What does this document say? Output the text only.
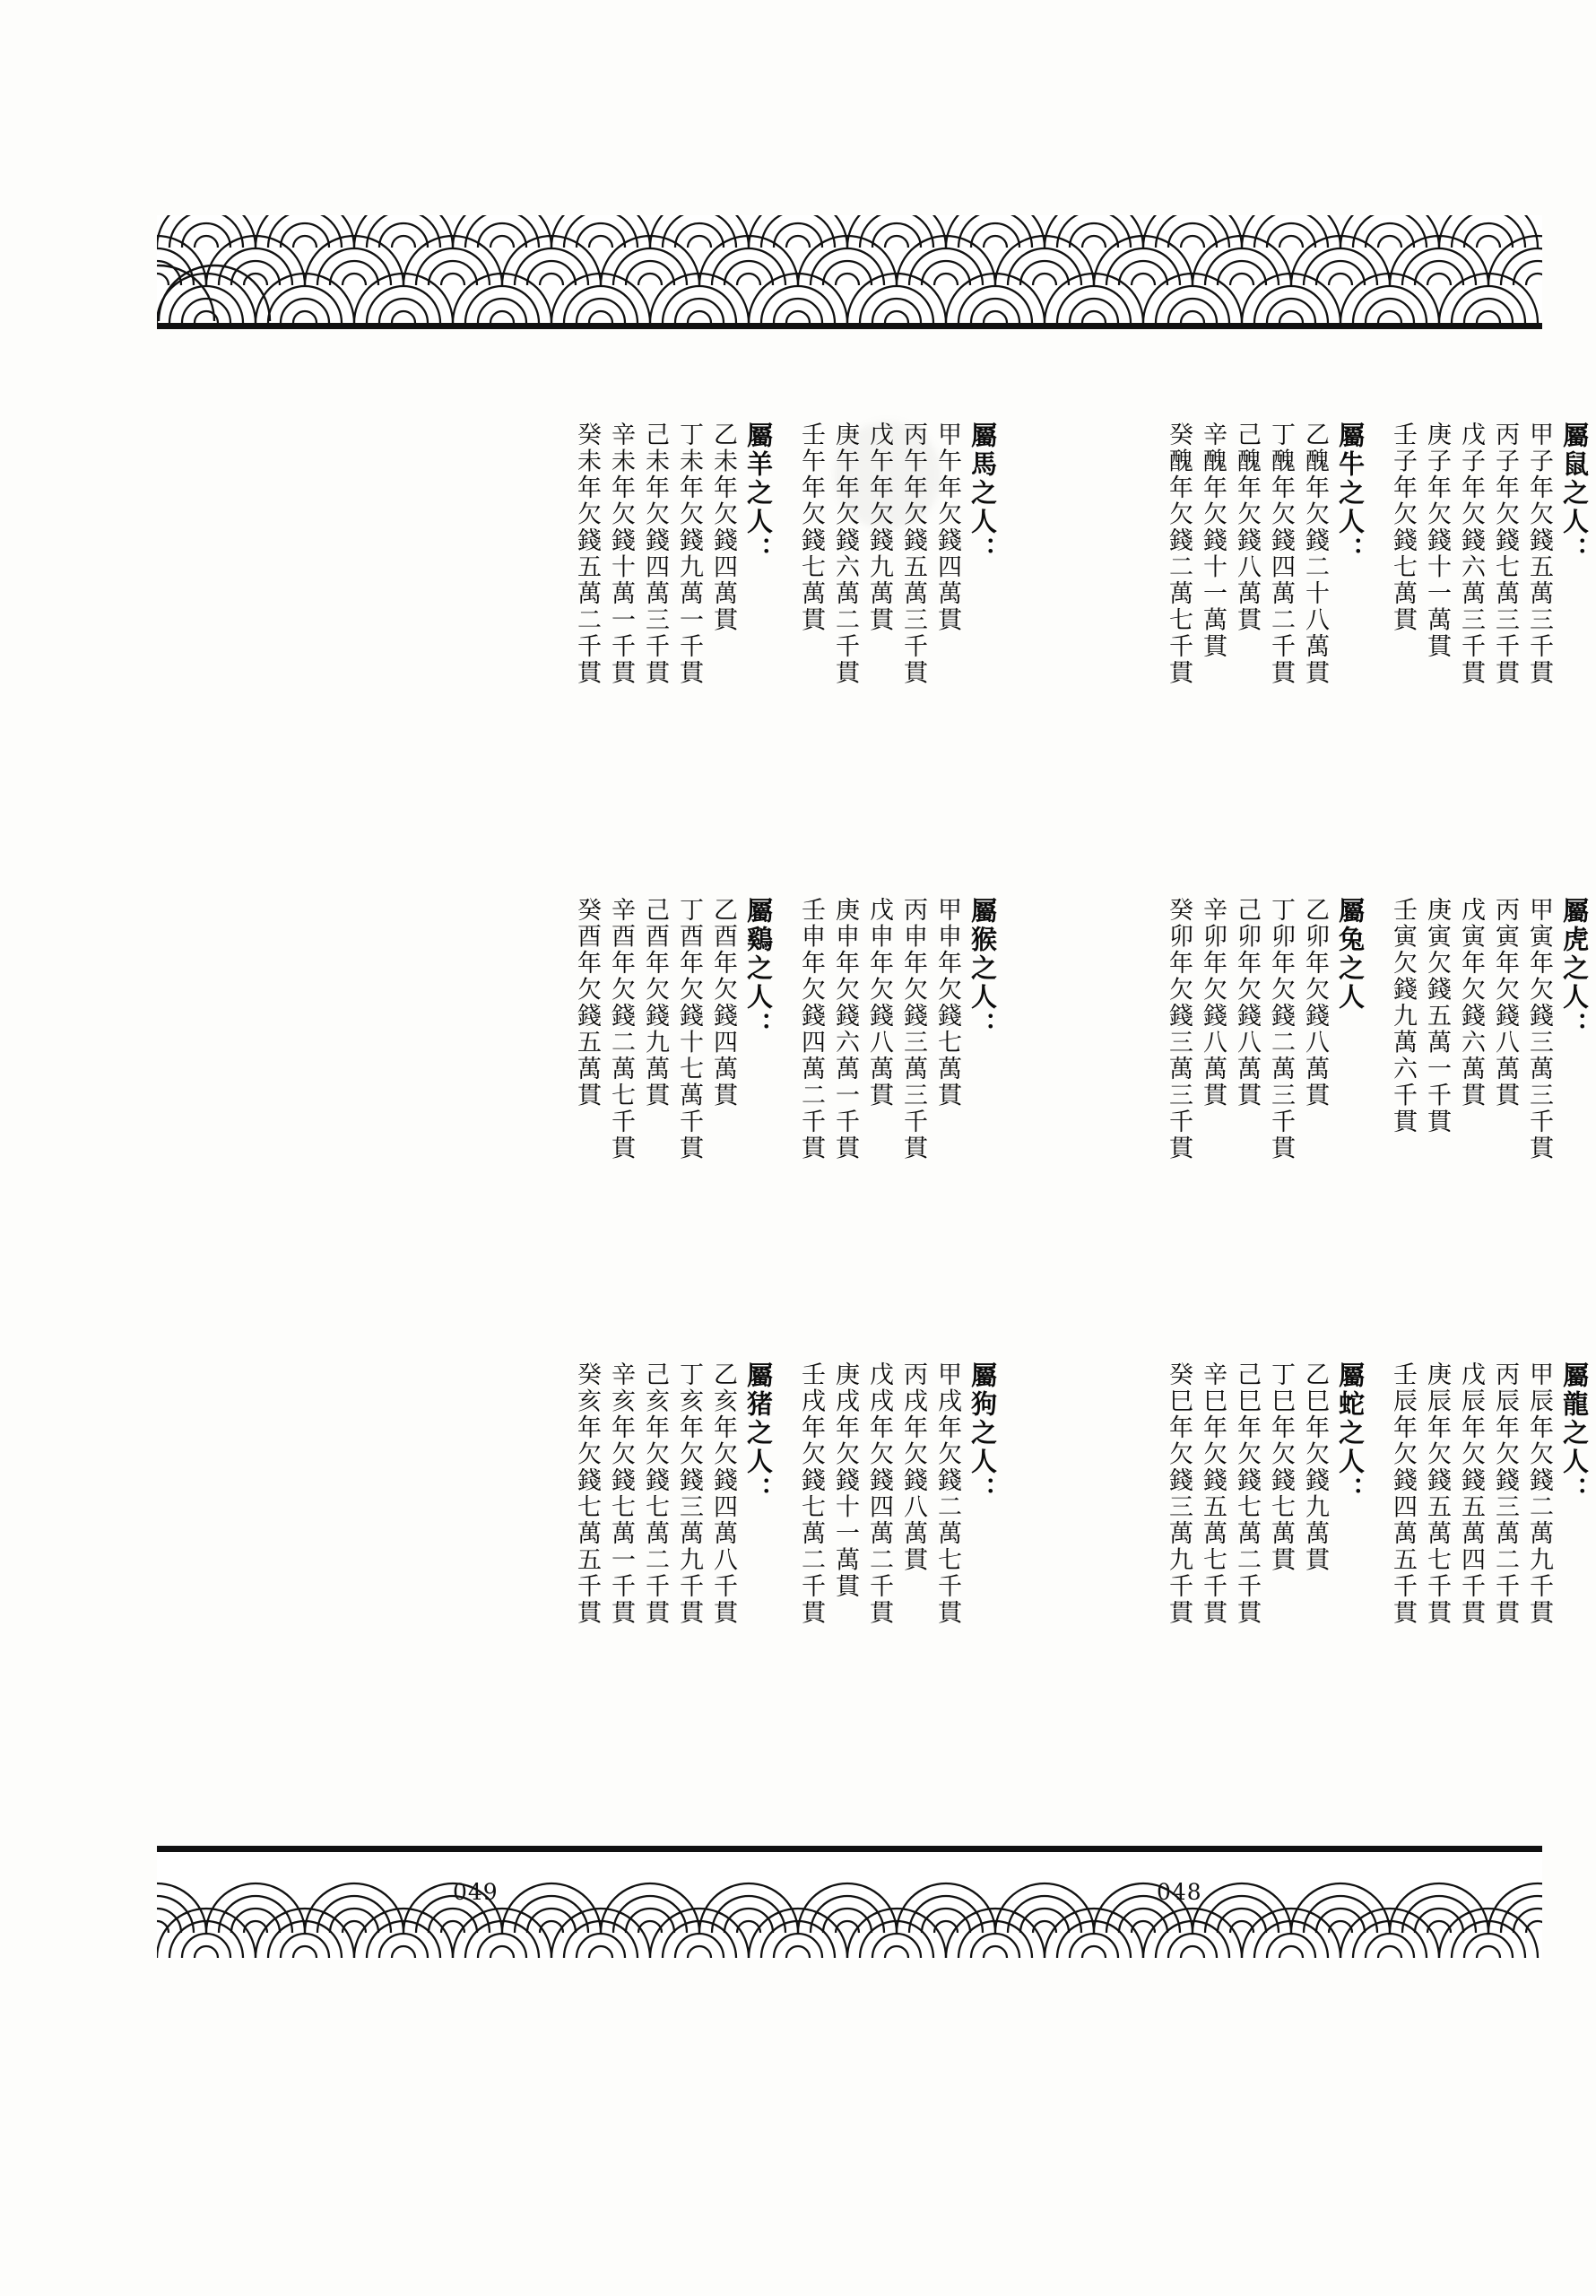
屬鼠之人：
甲子年欠錢五萬三千貫
丙子年欠錢七萬三千貫
戊子年欠錢六萬三千貫
庚子年欠錢十一萬貫
壬子年欠錢七萬貫
屬牛之人：
乙醜年欠錢二十八萬貫
丁醜年欠錢四萬二千貫
己醜年欠錢八萬貫
辛醜年欠錢十一萬貫
癸醜年欠錢二萬七千貫
屬馬之人：
甲午年欠錢四萬貫
丙午年欠錢五萬三千貫
戊午年欠錢九萬貫
庚午年欠錢六萬二千貫
壬午年欠錢七萬貫
屬羊之人：
乙未年欠錢四萬貫
丁未年欠錢九萬一千貫
己未年欠錢四萬三千貫
辛未年欠錢十萬一千貫
癸未年欠錢五萬二千貫
屬虎之人：
甲寅年欠錢三萬三千貫
丙寅年欠錢八萬貫
戊寅年欠錢六萬貫
庚寅欠錢五萬一千貫
壬寅欠錢九萬六千貫
屬兔之人
乙卯年欠錢八萬貫
丁卯年欠錢二萬三千貫
己卯年欠錢八萬貫
辛卯年欠錢八萬貫
癸卯年欠錢三萬三千貫
屬猴之人：
甲申年欠錢七萬貫
丙申年欠錢三萬三千貫
戊申年欠錢八萬貫
庚申年欠錢六萬一千貫
壬申年欠錢四萬二千貫
屬鷄之人：
乙酉年欠錢四萬貫
丁酉年欠錢十七萬千貫
己酉年欠錢九萬貫
辛酉年欠錢二萬七千貫
癸酉年欠錢五萬貫
屬龍之人：
甲辰年欠錢二萬九千貫
丙辰年欠錢三萬二千貫
戊辰年欠錢五萬四千貫
庚辰年欠錢五萬七千貫
壬辰年欠錢四萬五千貫
屬蛇之人：
乙巳年欠錢九萬貫
丁巳年欠錢七萬貫
己巳年欠錢七萬二千貫
辛巳年欠錢五萬七千貫
癸巳年欠錢三萬九千貫
屬狗之人：
甲戌年欠錢二萬七千貫
丙戌年欠錢八萬貫
戊戌年欠錢四萬二千貫
庚戌年欠錢十一萬貫
壬戌年欠錢七萬二千貫
屬猪之人：
乙亥年欠錢四萬八千貫
丁亥年欠錢三萬九千貫
己亥年欠錢七萬二千貫
辛亥年欠錢七萬一千貫
癸亥年欠錢七萬五千貫
049	048
